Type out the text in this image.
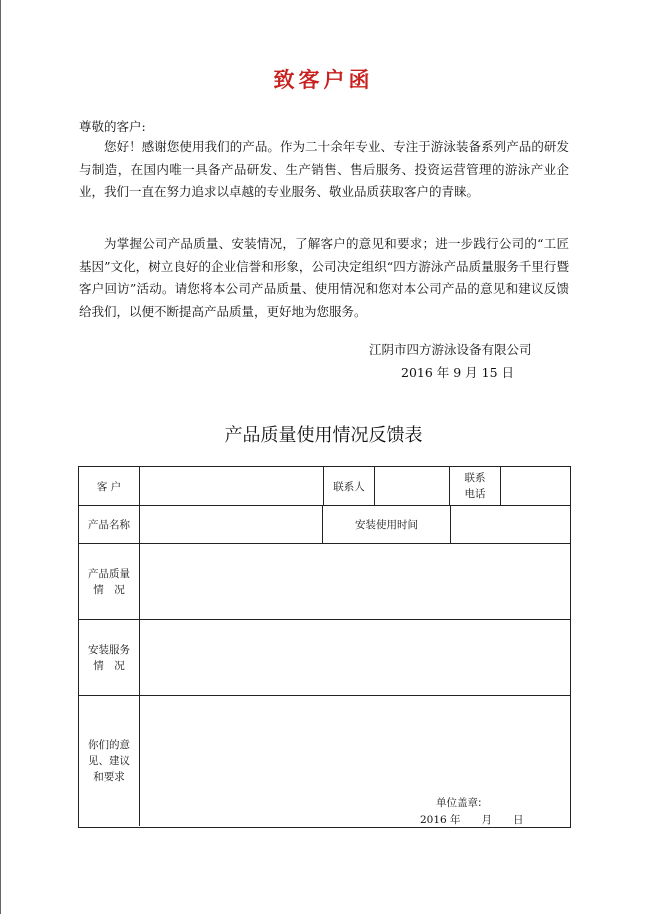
致客户函
尊敬的客户:
您好！感谢您使用我们的产品。作为二十余年专业、专注于游泳装备系列产品的研发与制造，在国内唯一具备产品研发、生产销售、售后服务、投资运营管理的游泳产业企业，我们一直在努力追求以卓越的专业服务、敬业品质获取客户的青睐。
为掌握公司产品质量、安装情况，了解客户的意见和要求；进一步践行公司的“工匠基因”文化，树立良好的企业信誉和形象，公司决定组织“四方游泳产品质量服务千里行暨客户回访”活动。请您将本公司产品质量、使用情况和您对本公司产品的意见和建议反馈给我们，以便不断提高产品质量，更好地为您服务。
江阴市四方游泳设备有限公司
2016 年 9 月 15 日
产品质量使用情况反馈表
客 户	联系人
联系
电话
产品名称	安装使用时间
产品质量
情　况
安装服务
情　况
你们的意
见、建议
和要求
单位盖章:
2016 年　　月　　日
